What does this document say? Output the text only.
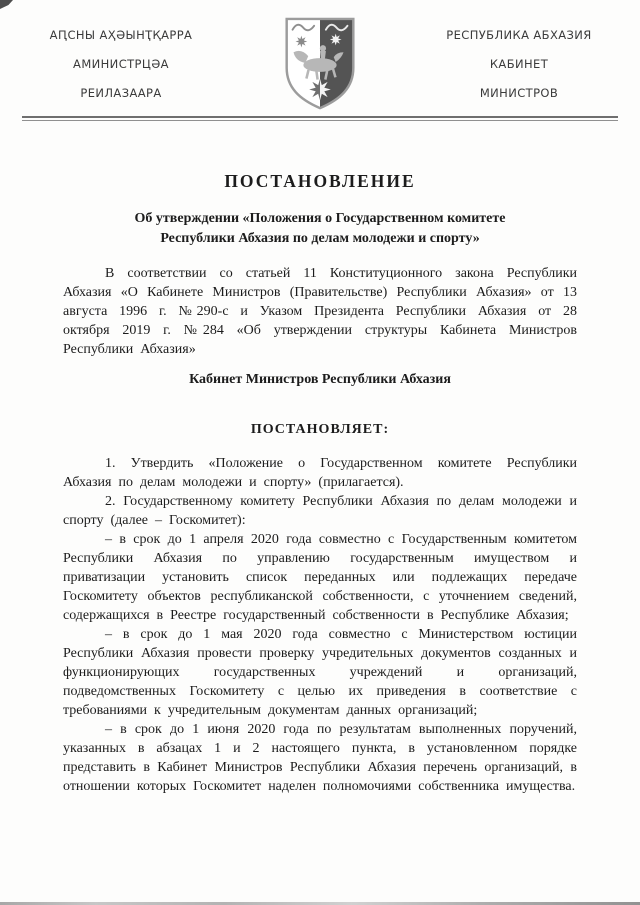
АԤСНЫ АҲӘЫНҬҚАРРА
АМИНИСТРЦӘА
РЕИЛАЗААРА
РЕСПУБЛИКА АБХАЗИЯ
КАБИНЕТ
МИНИСТРОВ
ПОСТАНОВЛЕНИЕ
Об утверждении «Положения о Государственном комитете
Республики Абхазия по делам молодежи и спорту»

В соответствии со статьей 11 Конституционного закона Республики Абхазия «О Кабинете Министров (Правительстве) Республики Абхазия» от 13 августа 1996 г. №290-с и Указом Президента Республики Абхазия от 28 октября 2019 г. №284 «Об утверждении структуры Кабинета Министров Республики Абхазия»

Кабинет Министров Республики Абхазия

ПОСТАНОВЛЯЕТ:

1. Утвердить «Положение о Государственном комитете Республики Абхазия по делам молодежи и спорту» (прилагается).

2. Государственному комитету Республики Абхазия по делам молодежи и спорту (далее – Госкомитет):

– в срок до 1 апреля 2020 года совместно с Государственным комитетом Республики Абхазия по управлению государственным имуществом и приватизации установить список переданных или подлежащих передаче Госкомитету объектов республиканской собственности, с уточнением сведений, содержащихся в Реестре государственный собственности в Республике Абхазия;

– в срок до 1 мая 2020 года совместно с Министерством юстиции Республики Абхазия провести проверку учредительных документов созданных и функционирующих государственных учреждений и организаций, подведомственных Госкомитету с целью их приведения в соответствие с требованиями к учредительным документам данных организаций;

– в срок до 1 июня 2020 года по результатам выполненных поручений, указанных в абзацах 1 и 2 настоящего пункта, в установленном порядке представить в Кабинет Министров Республики Абхазия перечень организаций, в отношении которых Госкомитет наделен полномочиями собственника имущества.
